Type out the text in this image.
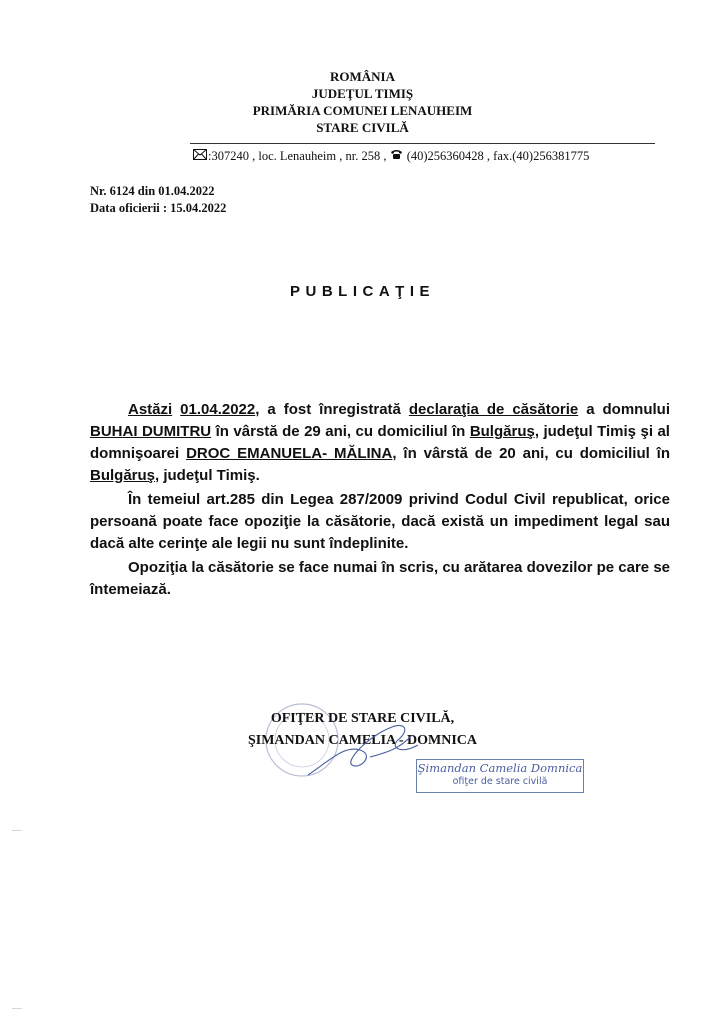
ROMÂNIA
JUDEŢUL TIMIŞ
PRIMĂRIA COMUNEI LENAUHEIM
STARE CIVILĂ
:307240 , loc. Lenauheim , nr. 258 , (40)256360428 , fax.(40)256381775
Nr. 6124 din 01.04.2022
Data oficierii : 15.04.2022
PUBLICAŢIE

Astăzi 01.04.2022, a fost înregistrată declaraţia de căsătorie a domnului BUHAI DUMITRU în vârstă de 29 ani, cu domiciliul în Bulgăruş, judeţul Timiş şi al domnişoarei DROC EMANUELA- MĂLINA, în vârstă de 20 ani, cu domiciliul în Bulgăruş, judeţul Timiş.

În temeiul art.285 din Legea 287/2009 privind Codul Civil republicat, orice persoană poate face opoziţie la căsătorie, dacă există un impediment legal sau dacă alte cerinţe ale legii nu sunt îndeplinite.

Opoziţia la căsătorie se face numai în scris, cu arătarea dovezilor pe care se întemeiază.

OFIŢER DE STARE CIVILĂ,
ŞIMANDAN CAMELIA - DOMNICA
Şimandan Camelia Domnica
ofiţer de stare civilă
